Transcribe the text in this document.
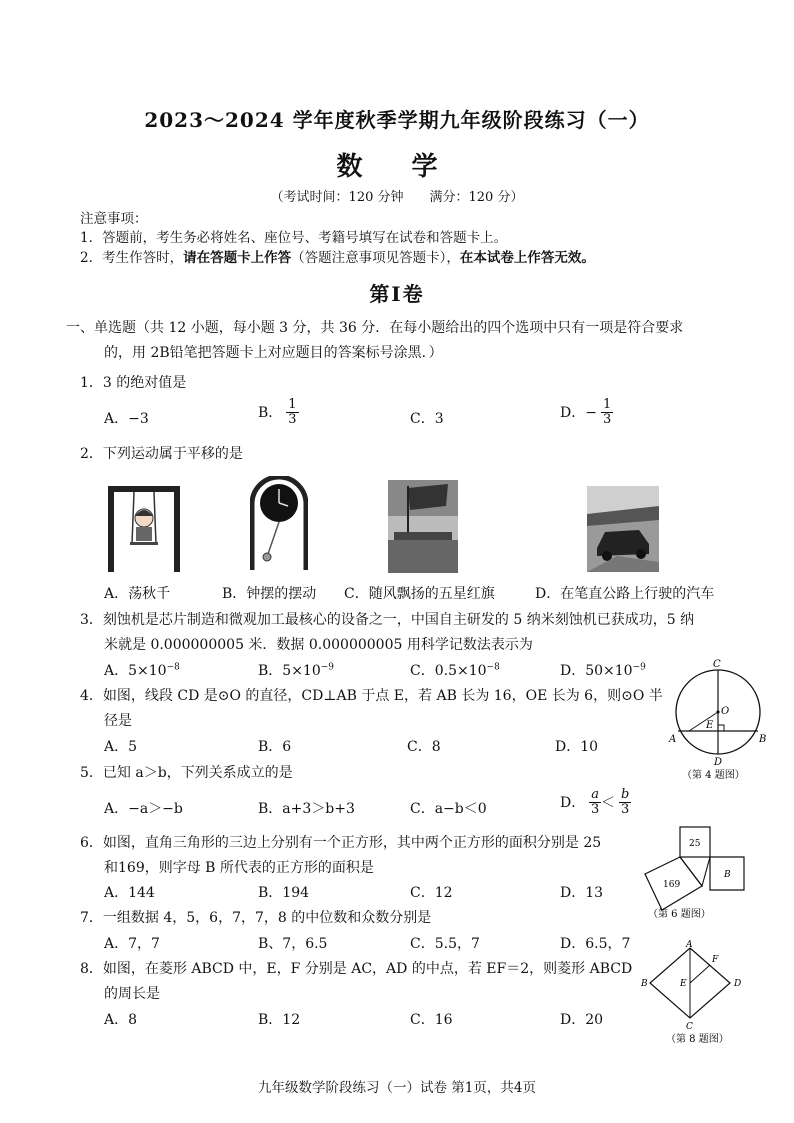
2023～2024 学年度秋季学期九年级阶段练习（一）
数 学
（考试时间：120 分钟　　满分：120 分）
注意事项：
1．答题前，考生务必将姓名、座位号、考籍号填写在试卷和答题卡上。
2．考生作答时，请在答题卡上作答（答题注意事项见答题卡），在本试卷上作答无效。
第Ⅰ卷
一、单选题（共 12 小题，每小题 3 分，共 36 分．在每小题给出的四个选项中只有一项是符合要求
的，用 2B铅笔把答题卡上对应题目的答案标号涂黑．）
1．3 的绝对值是
A．−3	B． $\frac{1}{3}$	C．3	D．− $\frac{1}{3}$
2．下列运动属于平移的是
A．荡秋千	B．钟摆的摆动 C．随风飘扬的五星红旗	D．在笔直公路上行驶的汽车
3．刻蚀机是芯片制造和微观加工最核心的设备之一，中国自主研发的 5 纳米刻蚀机已获成功，5 纳
米就是 0.000000005 米．数据 0.000000005 用科学记数法表示为
A．$5\times 10^{-8}$	B．$5\times 10^{-9}$	C．$0.5\times 10^{-8}$	D．$50\times 10^{-9}$
4．如图，线段 CD 是⊙O 的直径，CD⊥AB 于点 E，若 AB 长为 16，OE 长为 6，则⊙O 半
径是
A．5	B．6	C．8	D．10
C
O
E
A	B
D
（第 4 题图）
5．已知 a＞b，下列关系成立的是
A．−a＞−b	B．a+3＞b+3	C．a−b＜0	D． $\frac{a}{3} < \frac{b}{3}$
6．如图，直角三角形的三边上分别有一个正方形，其中两个正方形的面积分别是 25
和169，则字母 B 所代表的正方形的面积是
A．144	B．194	C．12	D．13
25
169
B
（第 6 题图）
7．一组数据 4，5，6，7，7，8 的中位数和众数分别是
A．7，7	B、7，6.5	C．5.5，7	D．6.5，7
8．如图，在菱形 ABCD 中，E，F 分别是 AC，AD 的中点，若 EF＝2，则菱形 ABCD
的周长是
A．8	B．12	C．16	D．20
A
B
C
D
E
F
（第 8 题图）
九年级数学阶段练习（一）试卷 第1页，共4页
